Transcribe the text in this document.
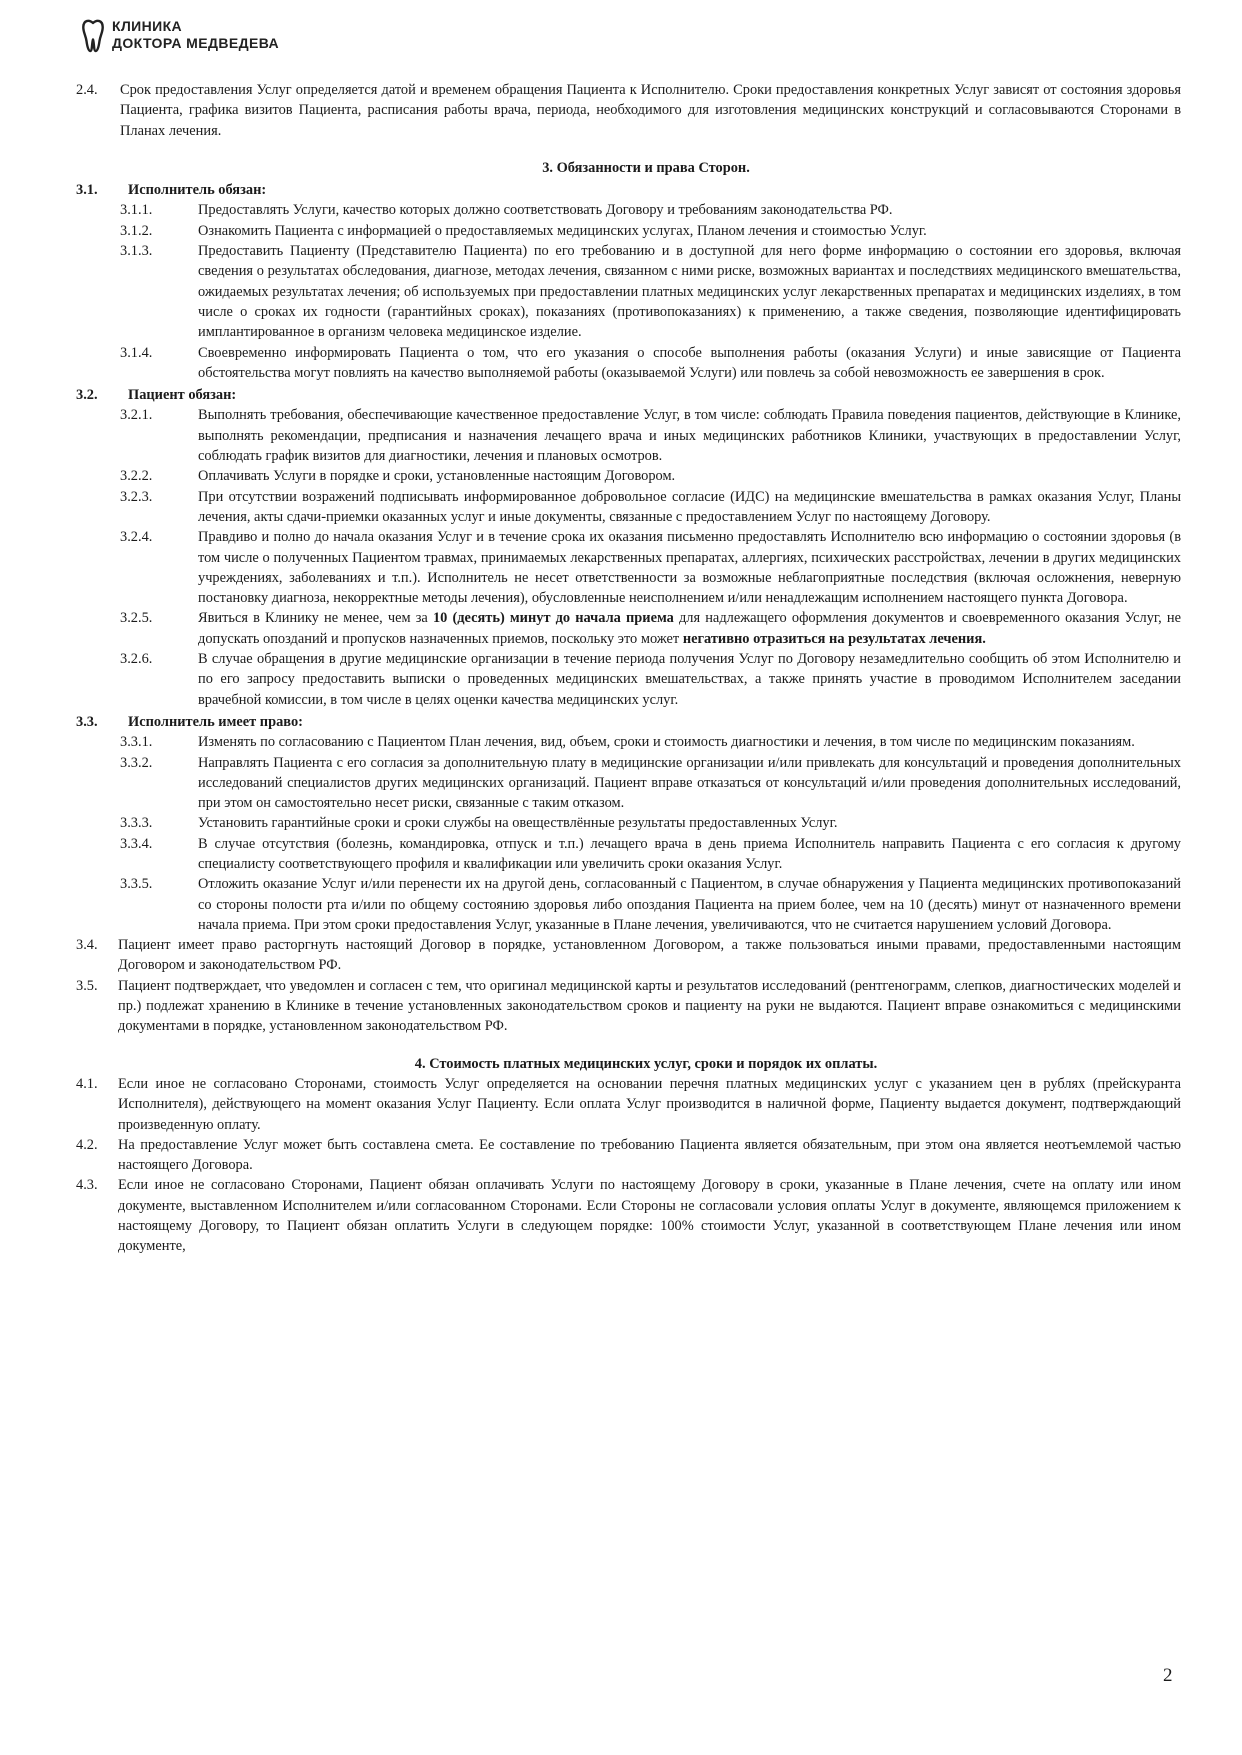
КЛИНИКА
ДОКТОРА МЕДВЕДЕВА
2.4.	Срок предоставления Услуг определяется датой и временем обращения Пациента к Исполнителю. Сроки предоставления конкретных Услуг зависят от состояния здоровья Пациента, графика визитов Пациента, расписания работы врача, периода, необходимого для изготовления медицинских конструкций и согласовываются Сторонами в Планах лечения.
3. Обязанности и права Сторон.
3.1.	Исполнитель обязан:
3.1.1.	Предоставлять Услуги, качество которых должно соответствовать Договору и требованиям законодательства РФ.
3.1.2.	Ознакомить Пациента с информацией о предоставляемых медицинских услугах, Планом лечения и стоимостью Услуг.
3.1.3.	Предоставить Пациенту (Представителю Пациента) по его требованию и в доступной для него форме информацию о состоянии его здоровья, включая сведения о результатах обследования, диагнозе, методах лечения, связанном с ними риске, возможных вариантах и последствиях медицинского вмешательства, ожидаемых результатах лечения; об используемых при предоставлении платных медицинских услуг лекарственных препаратах и медицинских изделиях, в том числе о сроках их годности (гарантийных сроках), показаниях (противопоказаниях) к применению, а также сведения, позволяющие идентифицировать имплантированное в организм человека медицинское изделие.
3.1.4.	Своевременно информировать Пациента о том, что его указания о способе выполнения работы (оказания Услуги) и иные зависящие от Пациента обстоятельства могут повлиять на качество выполняемой работы (оказываемой Услуги) или повлечь за собой невозможность ее завершения в срок.
3.2.	Пациент обязан:
3.2.1.	Выполнять требования, обеспечивающие качественное предоставление Услуг, в том числе: соблюдать Правила поведения пациентов, действующие в Клинике, выполнять рекомендации, предписания и назначения лечащего врача и иных медицинских работников Клиники, участвующих в предоставлении Услуг, соблюдать график визитов для диагностики, лечения и плановых осмотров.
3.2.2.	Оплачивать Услуги в порядке и сроки, установленные настоящим Договором.
3.2.3.	При отсутствии возражений подписывать информированное добровольное согласие (ИДС) на медицинские вмешательства в рамках оказания Услуг, Планы лечения, акты сдачи-приемки оказанных услуг и иные документы, связанные с предоставлением Услуг по настоящему Договору.
3.2.4.	Правдиво и полно до начала оказания Услуг и в течение срока их оказания письменно предоставлять Исполнителю всю информацию о состоянии здоровья (в том числе о полученных Пациентом травмах, принимаемых лекарственных препаратах, аллергиях, психических расстройствах, лечении в других медицинских учреждениях, заболеваниях и т.п.). Исполнитель не несет ответственности за возможные неблагоприятные последствия (включая осложнения, неверную постановку диагноза, некорректные методы лечения), обусловленные неисполнением и/или ненадлежащим исполнением настоящего пункта Договора.
3.2.5.	Явиться в Клинику не менее, чем за 10 (десять) минут до начала приема для надлежащего оформления документов и своевременного оказания Услуг, не допускать опозданий и пропусков назначенных приемов, поскольку это может негативно отразиться на результатах лечения.
3.2.6.	В случае обращения в другие медицинские организации в течение периода получения Услуг по Договору незамедлительно сообщить об этом Исполнителю и по его запросу предоставить выписки о проведенных медицинских вмешательствах, а также принять участие в проводимом Исполнителем заседании врачебной комиссии, в том числе в целях оценки качества медицинских услуг.
3.3.	Исполнитель имеет право:
3.3.1.	Изменять по согласованию с Пациентом План лечения, вид, объем, сроки и стоимость диагностики и лечения, в том числе по медицинским показаниям.
3.3.2.	Направлять Пациента с его согласия за дополнительную плату в медицинские организации и/или привлекать для консультаций и проведения дополнительных исследований специалистов других медицинских организаций. Пациент вправе отказаться от консультаций и/или проведения дополнительных исследований, при этом он самостоятельно несет риски, связанные с таким отказом.
3.3.3.	Установить гарантийные сроки и сроки службы на овеществлённые результаты предоставленных Услуг.
3.3.4.	В случае отсутствия (болезнь, командировка, отпуск и т.п.) лечащего врача в день приема Исполнитель направить Пациента с его согласия к другому специалисту соответствующего профиля и квалификации или увеличить сроки оказания Услуг.
3.3.5.	Отложить оказание Услуг и/или перенести их на другой день, согласованный с Пациентом, в случае обнаружения у Пациента медицинских противопоказаний со стороны полости рта и/или по общему состоянию здоровья либо опоздания Пациента на прием более, чем на 10 (десять) минут от назначенного времени начала приема. При этом сроки предоставления Услуг, указанные в Плане лечения, увеличиваются, что не считается нарушением условий Договора.
3.4.	Пациент имеет право расторгнуть настоящий Договор в порядке, установленном Договором, а также пользоваться иными правами, предоставленными настоящим Договором и законодательством РФ.
3.5.	Пациент подтверждает, что уведомлен и согласен с тем, что оригинал медицинской карты и результатов исследований (рентгенограмм, слепков, диагностических моделей и пр.) подлежат хранению в Клинике в течение установленных законодательством сроков и пациенту на руки не выдаются. Пациент вправе ознакомиться с медицинскими документами в порядке, установленном законодательством РФ.
4. Стоимость платных медицинских услуг, сроки и порядок их оплаты.
4.1.	Если иное не согласовано Сторонами, стоимость Услуг определяется на основании перечня платных медицинских услуг с указанием цен в рублях (прейскуранта Исполнителя), действующего на момент оказания Услуг Пациенту. Если оплата Услуг производится в наличной форме, Пациенту выдается документ, подтверждающий произведенную оплату.
4.2.	На предоставление Услуг может быть составлена смета. Ее составление по требованию Пациента является обязательным, при этом она является неотъемлемой частью настоящего Договора.
4.3.	Если иное не согласовано Сторонами, Пациент обязан оплачивать Услуги по настоящему Договору в сроки, указанные в Плане лечения, счете на оплату или ином документе, выставленном Исполнителем и/или согласованном Сторонами. Если Стороны не согласовали условия оплаты Услуг в документе, являющемся приложением к настоящему Договору, то Пациент обязан оплатить Услуги в следующем порядке: 100% стоимости Услуг, указанной в соответствующем Плане лечения или ином документе,
2
